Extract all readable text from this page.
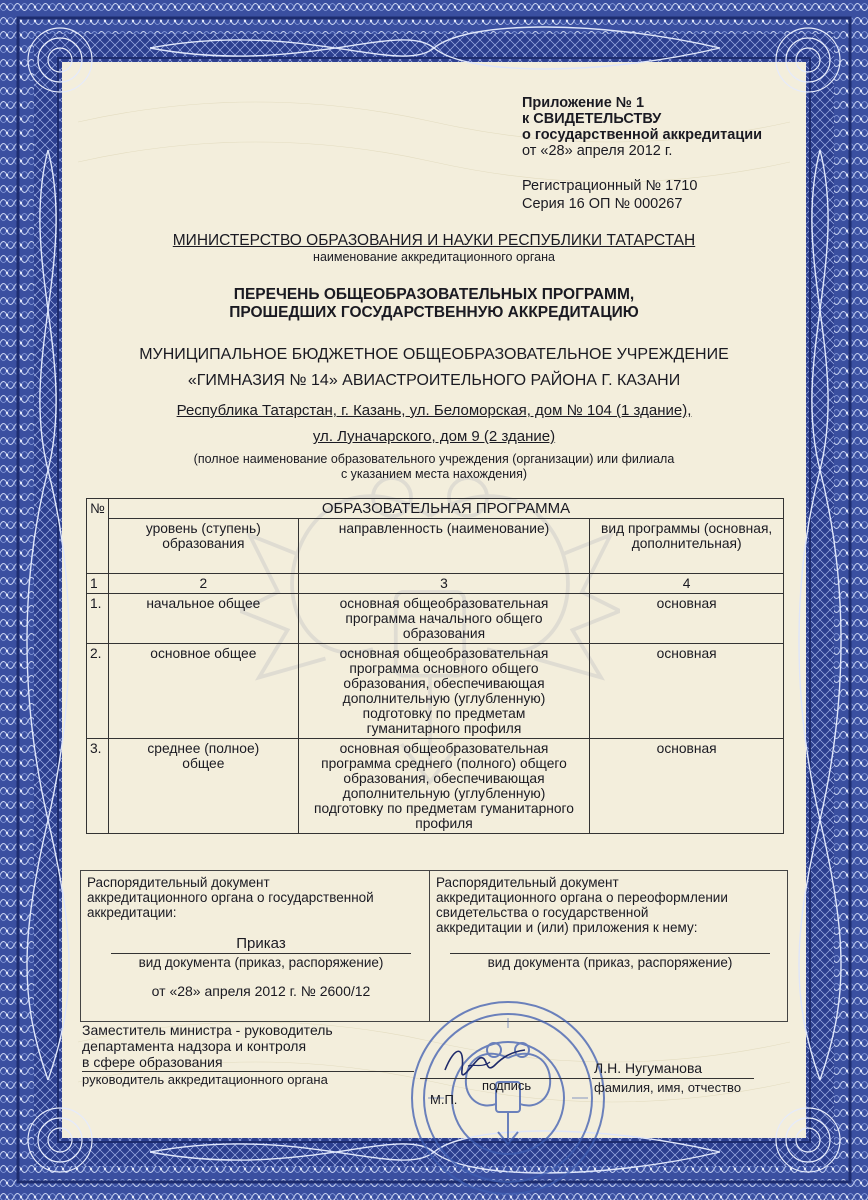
Приложение № 1
к СВИДЕТЕЛЬСТВУ
о государственной аккредитации
от «28» апреля 2012 г.
Регистрационный № 1710
Серия 16 ОП № 000267
МИНИСТЕРСТВО ОБРАЗОВАНИЯ И НАУКИ РЕСПУБЛИКИ ТАТАРСТАН
наименование аккредитационного органа
ПЕРЕЧЕНЬ ОБЩЕОБРАЗОВАТЕЛЬНЫХ ПРОГРАММ,
ПРОШЕДШИХ ГОСУДАРСТВЕННУЮ АККРЕДИТАЦИЮ
МУНИЦИПАЛЬНОЕ БЮДЖЕТНОЕ ОБЩЕОБРАЗОВАТЕЛЬНОЕ УЧРЕЖДЕНИЕ
«ГИМНАЗИЯ № 14» АВИАСТРОИТЕЛЬНОГО РАЙОНА Г. КАЗАНИ
Республика Татарстан, г. Казань, ул. Беломорская, дом № 104 (1 здание),
ул. Луначарского, дом 9 (2 здание)
(полное наименование образовательного учреждения (организации) или филиала
с указанием места нахождения)
№	ОБРАЗОВАТЕЛЬНАЯ ПРОГРАММА		
	уровень (ступень) образования	направленность (наименование)	вид программы (основная, дополнительная)
1	2	3	4
1.	начальное общее	основная общеобразовательная программа начального общего образования	основная
2.	основное общее	основная общеобразовательная программа основного общего образования, обеспечивающая дополнительную (углубленную) подготовку по предметам гуманитарного профиля	основная
3.	среднее (полное) общее	основная общеобразовательная программа среднего (полного) общего образования, обеспечивающая дополнительную (углубленную) подготовку по предметам гуманитарного профиля	основная
Распорядительный документ
аккредитационного органа о государственной
аккредитации:
Приказ
вид документа (приказ, распоряжение)
от «28» апреля 2012 г. № 2600/12
Распорядительный документ
аккредитационного органа о переоформлении
свидетельства о государственной
аккредитации и (или) приложения к нему:
вид документа (приказ, распоряжение)
Заместитель министра - руководитель
департамента надзора и контроля
в сфере образования
руководитель аккредитационного органа	подпись
М.П.
Л.Н. Нугуманова
фамилия, имя, отчество
